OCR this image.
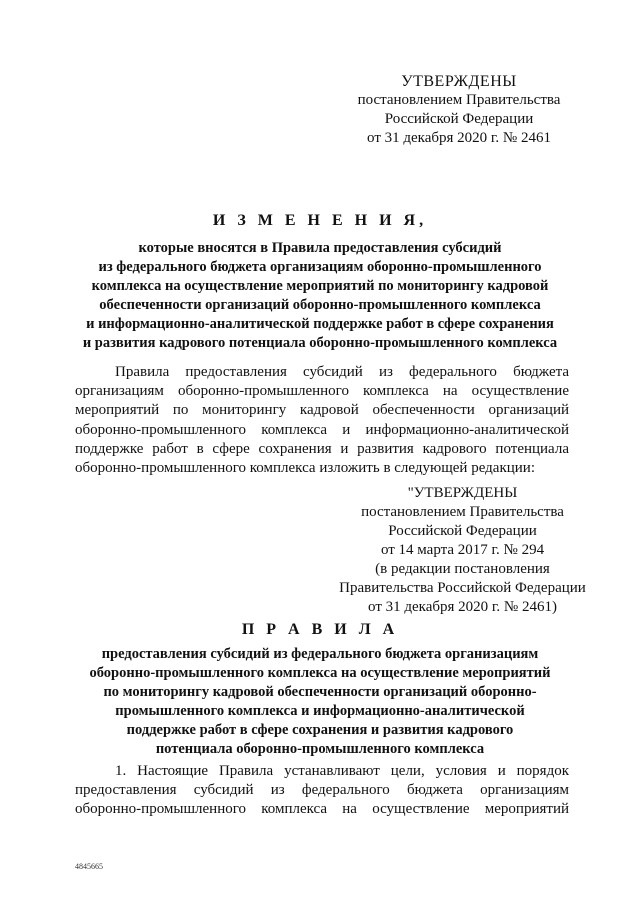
УТВЕРЖДЕНЫ
постановлением Правительства
Российской Федерации
от 31 декабря 2020 г. № 2461
И З М Е Н Е Н И Я,
которые вносятся в Правила предоставления субсидий
из федерального бюджета организациям оборонно-промышленного
комплекса на осуществление мероприятий по мониторингу кадровой
обеспеченности организаций оборонно-промышленного комплекса
и информационно-аналитической поддержке работ в сфере сохранения
и развития кадрового потенциала оборонно-промышленного комплекса
Правила предоставления субсидий из федерального бюджета
организациям оборонно-промышленного комплекса на осуществление
мероприятий по мониторингу кадровой обеспеченности организаций
оборонно-промышленного комплекса и информационно-аналитической
поддержке работ в сфере сохранения и развития кадрового потенциала
оборонно-промышленного комплекса изложить в следующей редакции:
"УТВЕРЖДЕНЫ
постановлением Правительства
Российской Федерации
от 14 марта 2017 г. № 294
(в редакции постановления
Правительства Российской Федерации
от 31 декабря 2020 г. № 2461)
П Р А В И Л А
предоставления субсидий из федерального бюджета организациям
оборонно-промышленного комплекса на осуществление мероприятий
по мониторингу кадровой обеспеченности организаций оборонно-
промышленного комплекса и информационно-аналитической
поддержке работ в сфере сохранения и развития кадрового
потенциала оборонно-промышленного комплекса
1. Настоящие Правила устанавливают цели, условия и порядок
предоставления субсидий из федерального бюджета организациям
оборонно-промышленного комплекса на осуществление мероприятий
4845665
